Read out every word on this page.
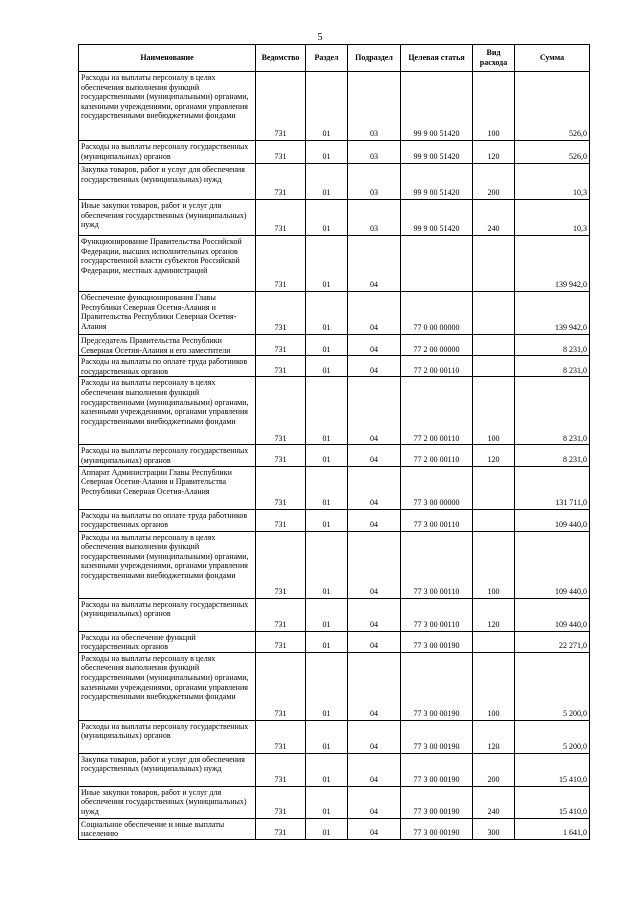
5
Наименование	Ведомство	Раздел	Подраздел	Целевая статья	Вид расхода	Сумма
Расходы на выплаты персоналу в целях обеспечения выполнения функций государственными (муниципальными) органами, казенными учреждениями, органами управления государственными внебюджетными фондами	731	01	03	99 9 00 51420	100	526,0
Расходы на выплаты персоналу государственных (муниципальных) органов	731	01	03	99 9 00 51420	120	526,0
Закупка товаров, работ и услуг для обеспечения государственных (муниципальных) нужд	731	01	03	99 9 00 51420	200	10,3
Иные закупки товаров, работ и услуг для обеспечения государственных (муниципальных) нужд	731	01	03	99 9 00 51420	240	10,3
Функционирование Правительства Российской Федерации, высших исполнительных органов государственной власти субъектов Российской Федерации, местных администраций	731	01	04			139 942,0
Обеспечение функционирования Главы Республики Северная Осетия-Алания и Правительства Республики Северная Осетия-Алания	731	01	04	77 0 00 00000		139 942,0
Председатель Правительства Республики Северная Осетия-Алания и его заместители	731	01	04	77 2 00 00000		8 231,0
Расходы на выплаты по оплате труда работников государственных органов	731	01	04	77 2 00 00110		8 231,0
Расходы на выплаты персоналу в целях обеспечения выполнения функций государственными (муниципальными) органами, казенными учреждениями, органами управления государственными внебюджетными фондами	731	01	04	77 2 00 00110	100	8 231,0
Расходы на выплаты персоналу государственных (муниципальных) органов	731	01	04	77 2 00 00110	120	8 231,0
Аппарат Администрации Главы Республики Северная Осетия-Алания и Правительства Республики Северная Осетия-Алания	731	01	04	77 3 00 00000		131 711,0
Расходы на выплаты по оплате труда работников государственных органов	731	01	04	77 3 00 00110		109 440,0
Расходы на выплаты персоналу в целях обеспечения выполнения функций государственными (муниципальными) органами, казенными учреждениями, органами управления государственными внебюджетными фондами	731	01	04	77 3 00 00110	100	109 440,0
Расходы на выплаты персоналу государственных (муниципальных) органов	731	01	04	77 3 00 00110	120	109 440,0
Расходы на обеспечение функций государственных органов	731	01	04	77 3 00 00190		22 271,0
Расходы на выплаты персоналу в целях обеспечения выполнения функций государственными (муниципальными) органами, казенными учреждениями, органами управления государственными внебюджетными фондами	731	01	04	77 3 00 00190	100	5 200,0
Расходы на выплаты персоналу государственных (муниципальных) органов	731	01	04	77 3 00 00190	120	5 200,0
Закупка товаров, работ и услуг для обеспечения государственных (муниципальных) нужд	731	01	04	77 3 00 00190	200	15 410,0
Иные закупки товаров, работ и услуг для обеспечения государственных (муниципальных) нужд	731	01	04	77 3 00 00190	240	15 410,0
Социальное обеспечение и иные выплаты населению	731	01	04	77 3 00 00190	300	1 641,0
